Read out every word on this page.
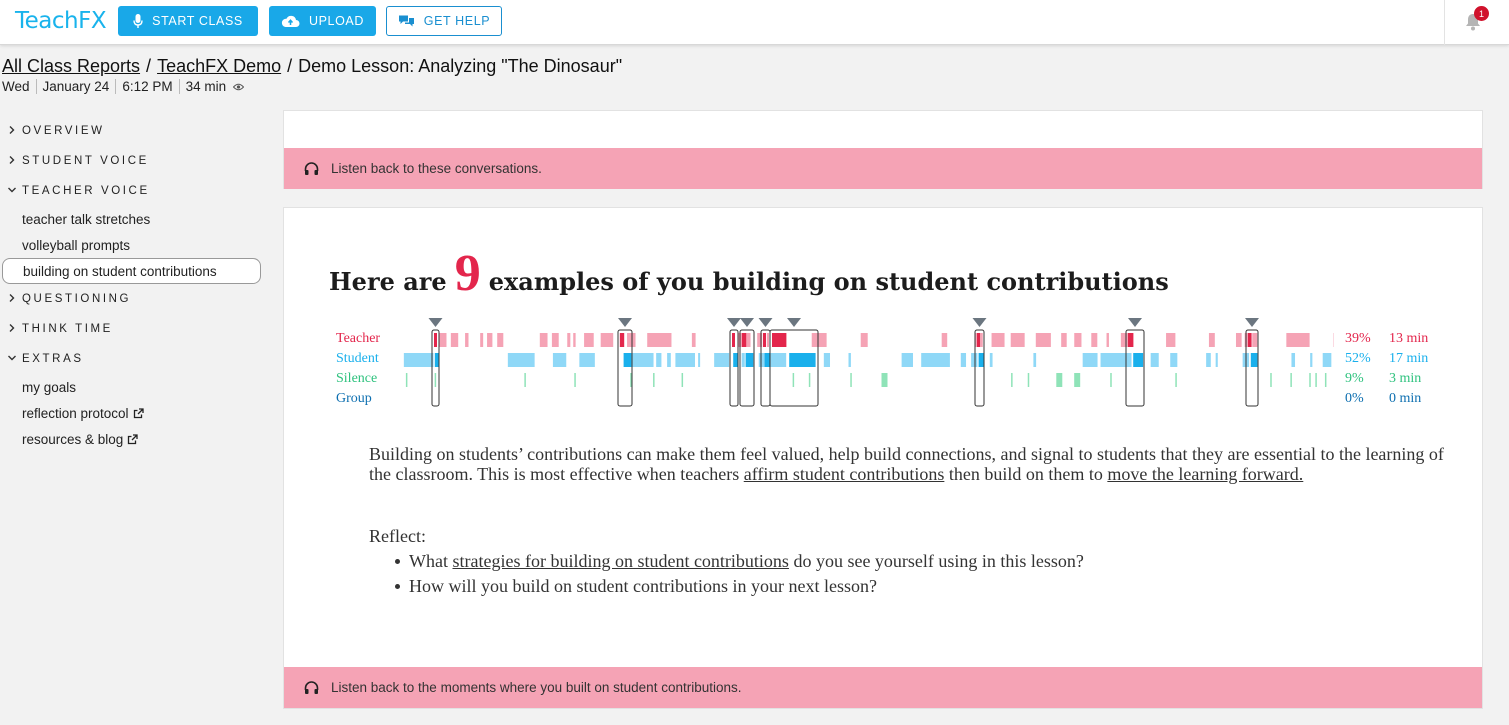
TeachFX	START CLASS	UPLOAD	GET HELP
1
All Class Reports / TeachFX Demo / Demo Lesson: Analyzing "The Dinosaur"
Wed January 24 6:12 PM 34 min
OVERVIEW
STUDENT VOICE
TEACHER VOICE
teacher talk stretches
volleyball prompts
building on student contributions
QUESTIONING
THINK TIME
EXTRAS
my goals
reflection protocol
resources & blog
Listen back to these conversations.
Here are 9 examples of you building on student contributions
Teacher	39% 13 min
Student	52% 17 min
Silence	9% 3 min
Group	0% 0 min
Building on students’ contributions can make them feel valued, help build connections, and signal to students that they are essential to the learning of the classroom. This is most effective when teachers affirm student contributions then build on them to move the learning forward.
Reflect:
What strategies for building on student contributions do you see yourself using in this lesson?
How will you build on student contributions in your next lesson?
Listen back to the moments where you built on student contributions.
